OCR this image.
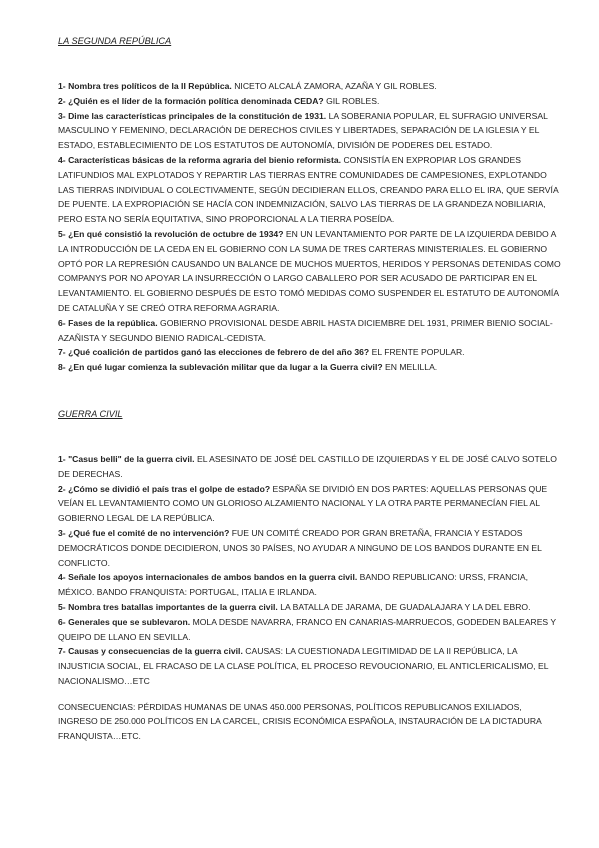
LA SEGUNDA REPÚBLICA

1- Nombra tres políticos de la II República. NICETO ALCALÁ ZAMORA, AZAÑA Y GIL ROBLES.

2- ¿Quién es el líder de la formación política denominada CEDA? GIL ROBLES.

3- Dime las características principales de la constitución de 1931. LA SOBERANIA POPULAR, EL SUFRAGIO UNIVERSAL MASCULINO Y FEMENINO, DECLARACIÓN DE DERECHOS CIVILES Y LIBERTADES, SEPARACIÓN DE LA IGLESIA Y EL ESTADO, ESTABLECIMIENTO DE LOS ESTATUTOS DE AUTONOMÍA, DIVISIÓN DE PODERES DEL ESTADO.

4- Características básicas de la reforma agraria del bienio reformista. CONSISTÍA EN EXPROPIAR LOS GRANDES LATIFUNDIOS MAL EXPLOTADOS Y REPARTIR LAS TIERRAS ENTRE COMUNIDADES DE CAMPESIONES, EXPLOTANDO LAS TIERRAS INDIVIDUAL O COLECTIVAMENTE, SEGÚN DECIDIERAN ELLOS, CREANDO PARA ELLO EL IRA, QUE SERVÍA DE PUENTE. LA EXPROPIACIÓN SE HACÍA CON INDEMNIZACIÓN, SALVO LAS TIERRAS DE LA GRANDEZA NOBILIARIA, PERO ESTA NO SERÍA EQUITATIVA, SINO PROPORCIONAL A LA TIERRA POSEÍDA.

5- ¿En qué consistió la revolución de octubre de 1934? EN UN LEVANTAMIENTO POR PARTE DE LA IZQUIERDA DEBIDO A LA INTRODUCCIÓN DE LA CEDA EN EL GOBIERNO CON LA SUMA DE TRES CARTERAS MINISTERIALES. EL GOBIERNO OPTÓ POR LA REPRESIÓN CAUSANDO UN BALANCE DE MUCHOS MUERTOS, HERIDOS Y PERSONAS DETENIDAS COMO COMPANYS POR NO APOYAR LA INSURRECCIÓN O LARGO CABALLERO POR SER ACUSADO DE PARTICIPAR EN EL LEVANTAMIENTO. EL GOBIERNO DESPUÉS DE ESTO TOMÓ MEDIDAS COMO SUSPENDER EL ESTATUTO DE AUTONOMÍA DE CATALUÑA Y SE CREÓ OTRA REFORMA AGRARIA.

6- Fases de la república. GOBIERNO PROVISIONAL DESDE ABRIL HASTA DICIEMBRE DEL 1931, PRIMER BIENIO SOCIAL-AZAÑISTA Y SEGUNDO BIENIO RADICAL-CEDISTA.

7- ¿Qué coalición de partidos ganó las elecciones de febrero de del año 36? EL FRENTE POPULAR.

8- ¿En qué lugar comienza la sublevación militar que da lugar a la Guerra civil? EN MELILLA.

GUERRA CIVIL

1- "Casus belli" de la guerra civil. EL ASESINATO DE JOSÉ DEL CASTILLO DE IZQUIERDAS Y EL DE JOSÉ CALVO SOTELO DE DERECHAS.

2- ¿Cómo se dividió el país tras el golpe de estado? ESPAÑA SE DIVIDIÓ EN DOS PARTES: AQUELLAS PERSONAS QUE VEÍAN EL LEVANTAMIENTO COMO UN GLORIOSO ALZAMIENTO NACIONAL Y LA OTRA PARTE PERMANECÍAN FIEL AL GOBIERNO LEGAL DE LA REPÚBLICA.

3- ¿Qué fue el comité de no intervención? FUE UN COMITÉ CREADO POR GRAN BRETAÑA, FRANCIA Y ESTADOS DEMOCRÁTICOS DONDE DECIDIERON, UNOS 30 PAÍSES, NO AYUDAR A NINGUNO DE LOS BANDOS DURANTE EN EL CONFLICTO.

4- Señale los apoyos internacionales de ambos bandos en la guerra civil. BANDO REPUBLICANO: URSS, FRANCIA, MÉXICO. BANDO FRANQUISTA: PORTUGAL, ITALIA E IRLANDA.

5- Nombra tres batallas importantes de la guerra civil. LA BATALLA DE JARAMA, DE GUADALAJARA Y LA DEL EBRO.

6- Generales que se sublevaron. MOLA DESDE NAVARRA, FRANCO EN CANARIAS-MARRUECOS, GODEDEN BALEARES Y QUEIPO DE LLANO EN SEVILLA.

7- Causas y consecuencias de la guerra civil. CAUSAS: LA CUESTIONADA LEGITIMIDAD DE LA II REPÚBLICA, LA INJUSTICIA SOCIAL, EL FRACASO DE LA CLASE POLÍTICA, EL PROCESO REVOUCIONARIO, EL ANTICLERICALISMO, EL NACIONALISMO…ETC

CONSECUENCIAS: PÉRDIDAS HUMANAS DE UNAS 450.000 PERSONAS, POLÍTICOS REPUBLICANOS EXILIADOS, INGRESO DE 250.000 POLÍTICOS EN LA CARCEL, CRISIS ECONÓMICA ESPAÑOLA, INSTAURACIÓN DE LA DICTADURA FRANQUISTA…ETC.
